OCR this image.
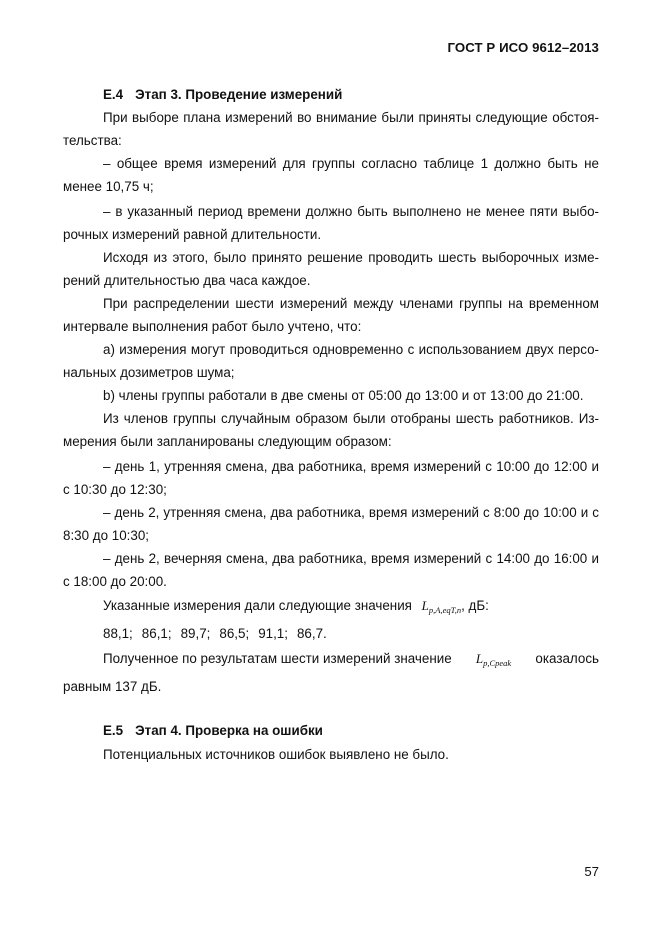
ГОСТ Р ИСО 9612–2013
E.4 Этап 3. Проведение измерений
При выборе плана измерений во внимание были приняты следующие обстоя-
тельства:
– общее время измерений для группы согласно таблице 1 должно быть не
менее 10,75 ч;
– в указанный период времени должно быть выполнено не менее пяти выбо-
рочных измерений равной длительности.
Исходя из этого, было принято решение проводить шесть выборочных изме-
рений длительностью два часа каждое.
При распределении шести измерений между членами группы на временном
интервале выполнения работ было учтено, что:
а) измерения могут проводиться одновременно с использованием двух персо-
нальных дозиметров шума;
b) члены группы работали в две смены от 05:00 до 13:00 и от 13:00 до 21:00.
Из членов группы случайным образом были отобраны шесть работников. Из-
мерения были запланированы следующим образом:
– день 1, утренняя смена, два работника, время измерений с 10:00 до 12:00 и
с 10:30 до 12:30;
– день 2, утренняя смена, два работника, время измерений с 8:00 до 10:00 и с
8:30 до 10:30;
– день 2, вечерняя смена, два работника, время измерений с 14:00 до 16:00 и
с 18:00 до 20:00.
Указанные измерения дали следующие значения $L_{p,A,eqT,n}$, дБ:
88,1; 86,1; 89,7; 86,5; 91,1; 86,7.
Полученное по результатам шести измерений значение $L_{p,Cpeak}$ оказалось
равным 137 дБ.
E.5 Этап 4. Проверка на ошибки
Потенциальных источников ошибок выявлено не было.
57
